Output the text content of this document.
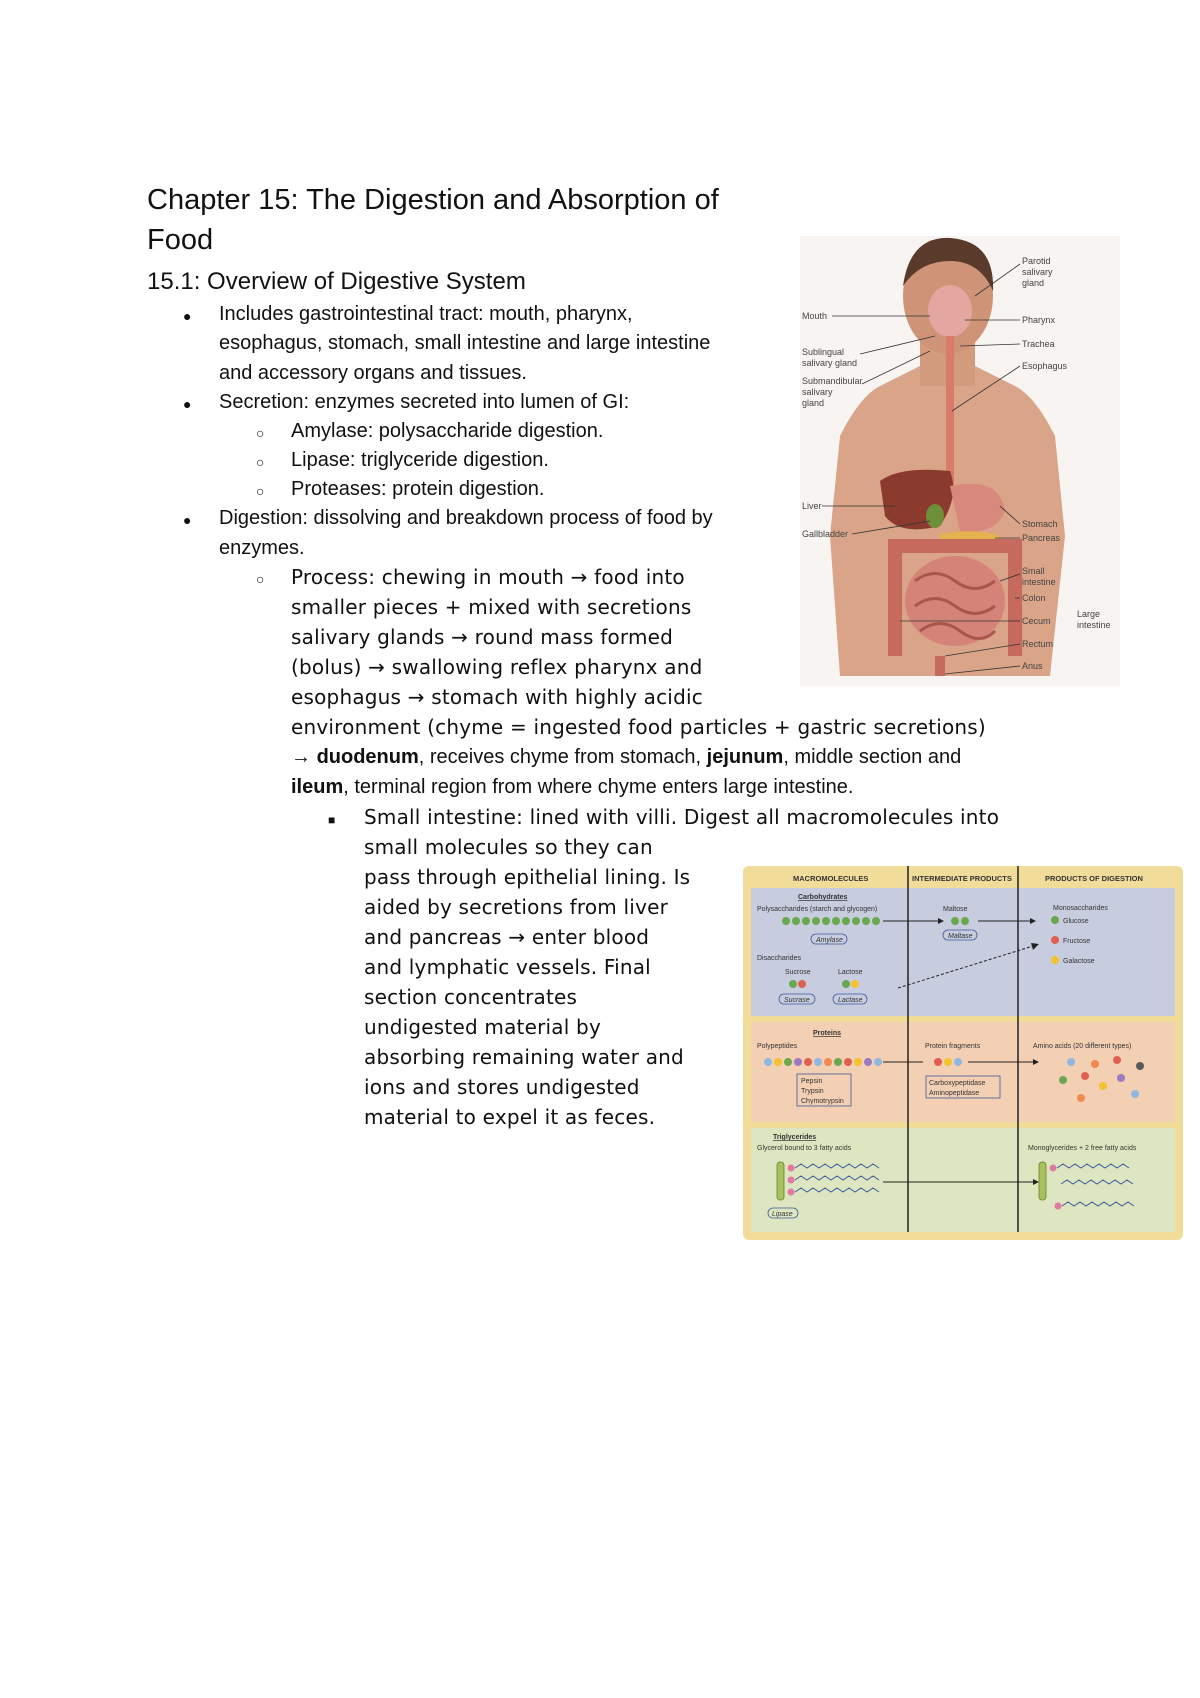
Chapter 15: The Digestion and Absorption of Food
15.1: Overview of Digestive System
● Includes gastrointestinal tract: mouth, pharynx,
esophagus, stomach, small intestine and large intestine
and accessory organs and tissues.
● Secretion: enzymes secreted into lumen of GI:
○ Amylase: polysaccharide digestion.
○ Lipase: triglyceride digestion.
○ Proteases: protein digestion.
● Digestion: dissolving and breakdown process of food by
enzymes.
○ Process: chewing in mouth → food into
smaller pieces + mixed with secretions
salivary glands → round mass formed
(bolus) → swallowing reflex pharynx and
esophagus → stomach with highly acidic
environment (chyme = ingested food particles + gastric secretions)
→ duodenum, receives chyme from stomach, jejunum, middle section and
ileum, terminal region from where chyme enters large intestine.
■ Small intestine: lined with villi. Digest all macromolecules into
small molecules so they can
pass through epithelial lining. Is
aided by secretions from liver
and pancreas → enter blood
and lymphatic vessels. Final
section concentrates
undigested material by
absorbing remaining water and
ions and stores undigested
material to expel it as feces.
Parotid
salivary
gland
Mouth	Pharynx
Sublingual
salivary gland
Trachea
Submandibular
salivary
gland
Esophagus
Liver
Stomach
Gallbladder	Pancreas
Small
intestine
Colon
Cecum
Large
intestine
Rectum
Anus
MACROMOLECULES	INTERMEDIATE PRODUCTS	PRODUCTS OF DIGESTION
Carbohydrates
Polysaccharides (starch and glycogen)
Amylase
Maltose
Maltase
Monosaccharides
Glucose
Fructose
Galactose
Disaccharides
Sucrose	Lactose
Sucrase	Lactase
Proteins
Polypeptides
Pepsin
Trypsin
Chymotrypsin
Protein fragments
Carboxypeptidase
Aminopeptidase
Amino acids (20 different types)
Triglycerides
Glycerol bound to 3 fatty acids
Lipase
Monoglycerides + 2 free fatty acids
